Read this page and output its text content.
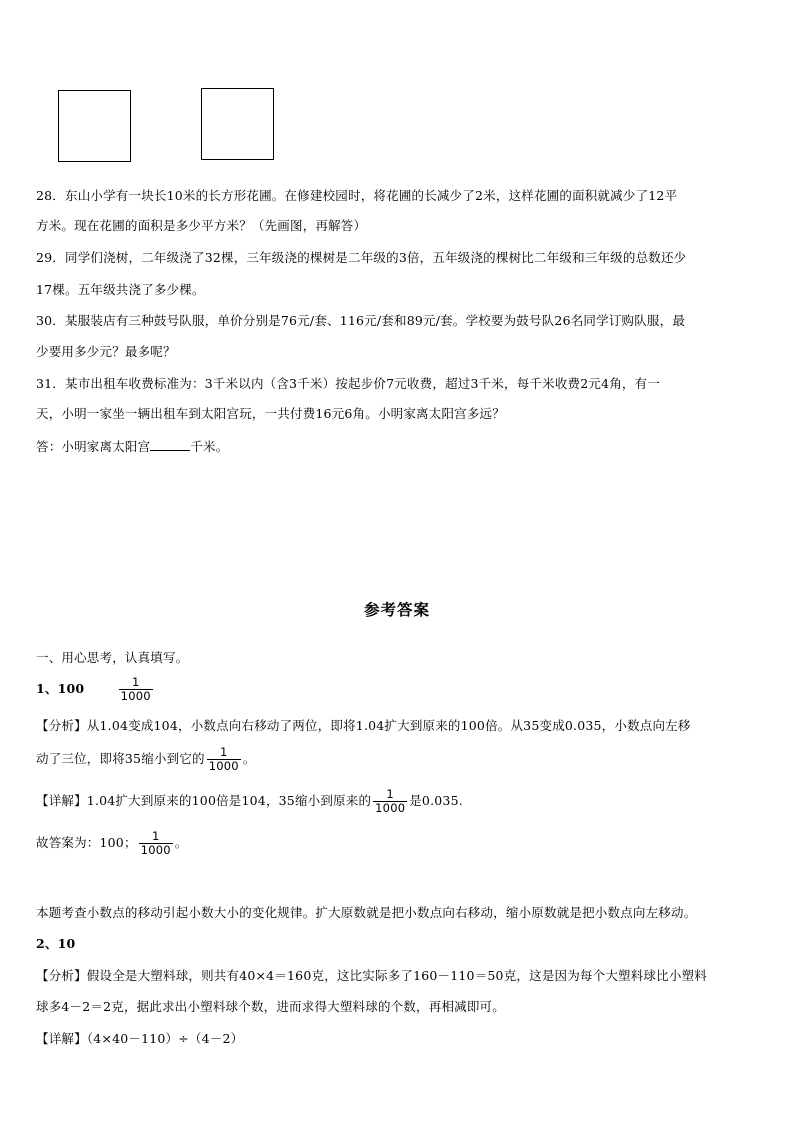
28．东山小学有一块长10米的长方形花圃。在修建校园时，将花圃的长减少了2米，这样花圃的面积就减少了12平
方米。现在花圃的面积是多少平方米？（先画图，再解答）
29．同学们浇树，二年级浇了32棵，三年级浇的棵树是二年级的3倍，五年级浇的棵树比二年级和三年级的总数还少
17棵。五年级共浇了多少棵。
30．某服装店有三种鼓号队服，单价分别是76元/套、116元/套和89元/套。学校要为鼓号队26名同学订购队服，最
少要用多少元？最多呢？
31．某市出租车收费标准为：3千米以内（含3千米）按起步价7元收费，超过3千米，每千米收费2元4角，有一
天，小明一家坐一辆出租车到太阳宫玩，一共付费16元6角。小明家离太阳宫多远？
答：小明家离太阳宫	千米。
参考答案
一、用心思考，认真填写。
1、100	$\frac{1}{1000}$
【分析】从1.04变成104，小数点向右移动了两位，即将1.04扩大到原来的100倍。从35变成0.035，小数点向左移
动了三位，即将35缩小到它的 $\frac{1}{1000}$ 。
【详解】1.04扩大到原来的100倍是104，35缩小到原来的 $\frac{1}{1000}$ 是0.035.
故答案为：100； $\frac{1}{1000}$ 。
本题考查小数点的移动引起小数大小的变化规律。扩大原数就是把小数点向右移动，缩小原数就是把小数点向左移动。
2、10
【分析】假设全是大塑料球，则共有40×4＝160克，这比实际多了160－110＝50克，这是因为每个大塑料球比小塑料
球多4－2＝2克，据此求出小塑料球个数，进而求得大塑料球的个数，再相减即可。
【详解】（4×40－110）÷（4－2）
